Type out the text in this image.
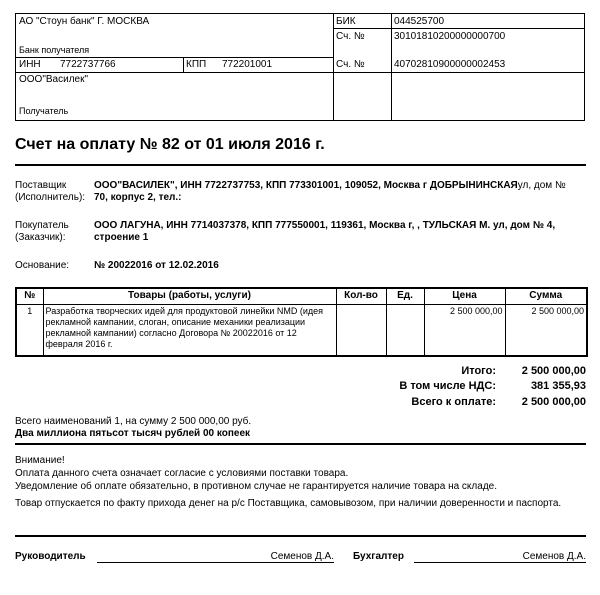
АО "Стоун банк" Г. МОСКВА
Банк получателя
БИК	044525700
Сч. №	30101810200000000700
ИНН 7722737766	КПП 772201001	Сч. №	40702810900000002453
ООО"Василек"
Получатель
Счет на оплату № 82 от 01 июля 2016 г.
Поставщик
(Исполнитель):
ООО"ВАСИЛЕК", ИНН 7722737753, КПП 773301001, 109052, Москва г ДОБРЫНИНСКАЯул, дом №
70, корпус 2, тел.:
Покупатель
(Заказчик):
ООО ЛАГУНА, ИНН 7714037378, КПП 777550001, 119361, Москва г, , ТУЛЬСКАЯ М. ул, дом № 4,
строение 1
Основание: № 20022016 от 12.02.2016
№	Товары (работы, услуги)	Кол-во	Ед.	Цена	Сумма
1	Разработка творческих идей для продуктовой линейки NMD (идея рекламной кампании, слоган, описание механики реализации рекламной кампании) согласно Договора № 20022016 от 12 февраля 2016 г.			2 500 000,00	2 500 000,00
Итого: 2 500 000,00
В том числе НДС:	381 355,93
Всего к оплате: 2 500 000,00
Всего наименований 1, на сумму 2 500 000,00 руб.
Два миллиона пятьсот тысяч рублей 00 копеек
Внимание!
Оплата данного счета означает согласие с условиями поставки товара.
Уведомление об оплате обязательно, в противном случае не гарантируется наличие товара на складе.
Товар отпускается по факту прихода денег на р/с Поставщика, самовывозом, при наличии доверенности и паспорта.
Руководитель	Семенов Д.А. Бухгалтер	Семенов Д.А.
